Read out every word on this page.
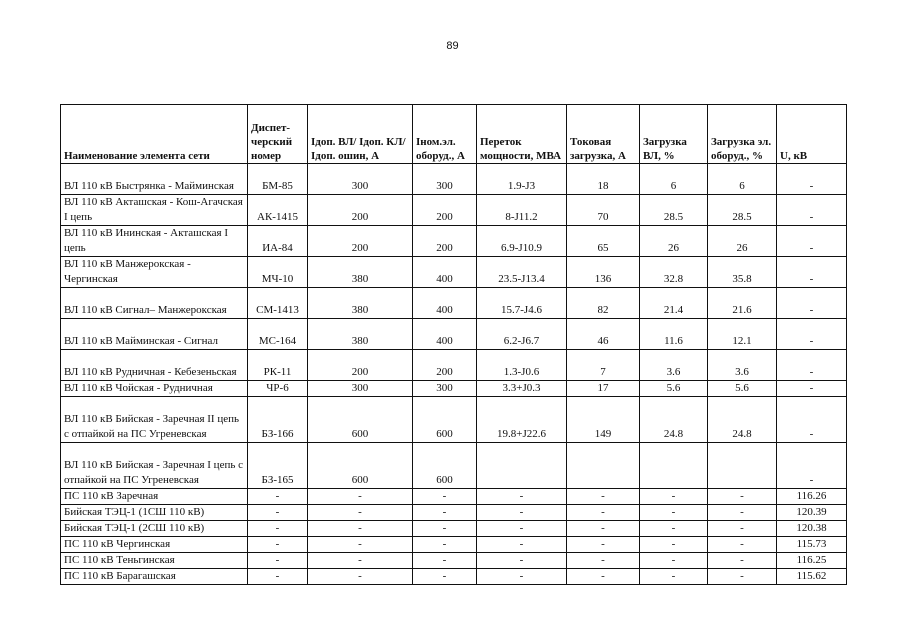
89
Наименование элемента сети	Диспет-черский номер	Iдоп. ВЛ/ Iдоп. КЛ/ Iдоп. ошин, А	Iном.эл. оборуд., А	Переток мощности, МВА	Токовая загрузка, А	Загрузка ВЛ, %	Загрузка эл. оборуд., %	U, кВ
ВЛ 110 кВ Быстрянка - Майминская	БМ-85	300	300	1.9-J3	18	6	6	-
ВЛ 110 кВ Акташская - Кош-Агачская I цепь	АК-1415	200	200	8-J11.2	70	28.5	28.5	-
ВЛ 110 кВ Ининская - Акташская I цепь	ИА-84	200	200	6.9-J10.9	65	26	26	-
ВЛ 110 кВ Манжерокская - Чергинская	МЧ-10	380	400	23.5-J13.4	136	32.8	35.8	-
ВЛ 110 кВ Сигнал– Манжерокская	СМ-1413	380	400	15.7-J4.6	82	21.4	21.6	-
ВЛ 110 кВ Майминская - Сигнал	МС-164	380	400	6.2-J6.7	46	11.6	12.1	-
ВЛ 110 кВ Рудничная - Кебезеньская	РК-11	200	200	1.3-J0.6	7	3.6	3.6	-
ВЛ 110 кВ Чойская - Рудничная	ЧР-6	300	300	3.3+J0.3	17	5.6	5.6	-
ВЛ 110 кВ Бийская - Заречная II цепь с отпайкой на ПС Угреневская	БЗ-166	600	600	19.8+J22.6	149	24.8	24.8	-
ВЛ 110 кВ Бийская - Заречная I цепь с отпайкой на ПС Угреневская	БЗ-165	600	600					-
ПС 110 кВ Заречная	-	-	-	-	-	-	-	116.26
Бийская ТЭЦ-1 (1СШ 110 кВ)	-	-	-	-	-	-	-	120.39
Бийская ТЭЦ-1 (2СШ 110 кВ)	-	-	-	-	-	-	-	120.38
ПС 110 кВ Чергинская	-	-	-	-	-	-	-	115.73
ПС 110 кВ Теньгинская	-	-	-	-	-	-	-	116.25
ПС 110 кВ Барагашская	-	-	-	-	-	-	-	115.62
